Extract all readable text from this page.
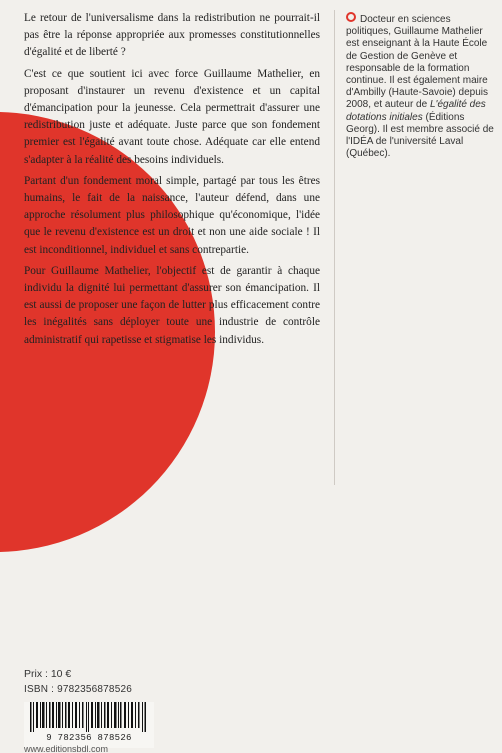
Le retour de l'universalisme dans la redistribution ne pourrait-il pas être la réponse appropriée aux promesses constitutionnelles d'égalité et de liberté ?

C'est ce que soutient ici avec force Guillaume Mathelier, en proposant d'instaurer un revenu d'existence et un capital d'émancipation pour la jeunesse. Cela permettrait d'assurer une redistribution juste et adéquate. Juste parce que son fondement premier est l'égalité avant toute chose. Adéquate car elle entend s'adapter à la réalité des besoins individuels.

Partant d'un fondement moral simple, partagé par tous les êtres humains, le fait de la naissance, l'auteur défend, dans une approche résolument plus philosophique qu'économique, l'idée que le revenu d'existence est un droit et non une aide sociale ! Il est inconditionnel, individuel et sans contrepartie.

Pour Guillaume Mathelier, l'objectif est de garantir à chaque individu la dignité lui permettant d'assurer son émancipation. Il est aussi de proposer une façon de lutter plus efficacement contre les inégalités sans déployer toute une industrie de contrôle administratif qui rapetisse et stigmatise les individus.

Docteur en sciences politiques, Guillaume Mathelier est enseignant à la Haute École de Gestion de Genève et responsable de la formation continue. Il est également maire d'Ambilly (Haute-Savoie) depuis 2008, et auteur de L'égalité des dotations initiales (Éditions Georg). Il est membre associé de l'IDÉA de l'université Laval (Québec).
Prix : 10 €
ISBN : 9782356878526
9 782356 878526
www.editionsbdl.com
